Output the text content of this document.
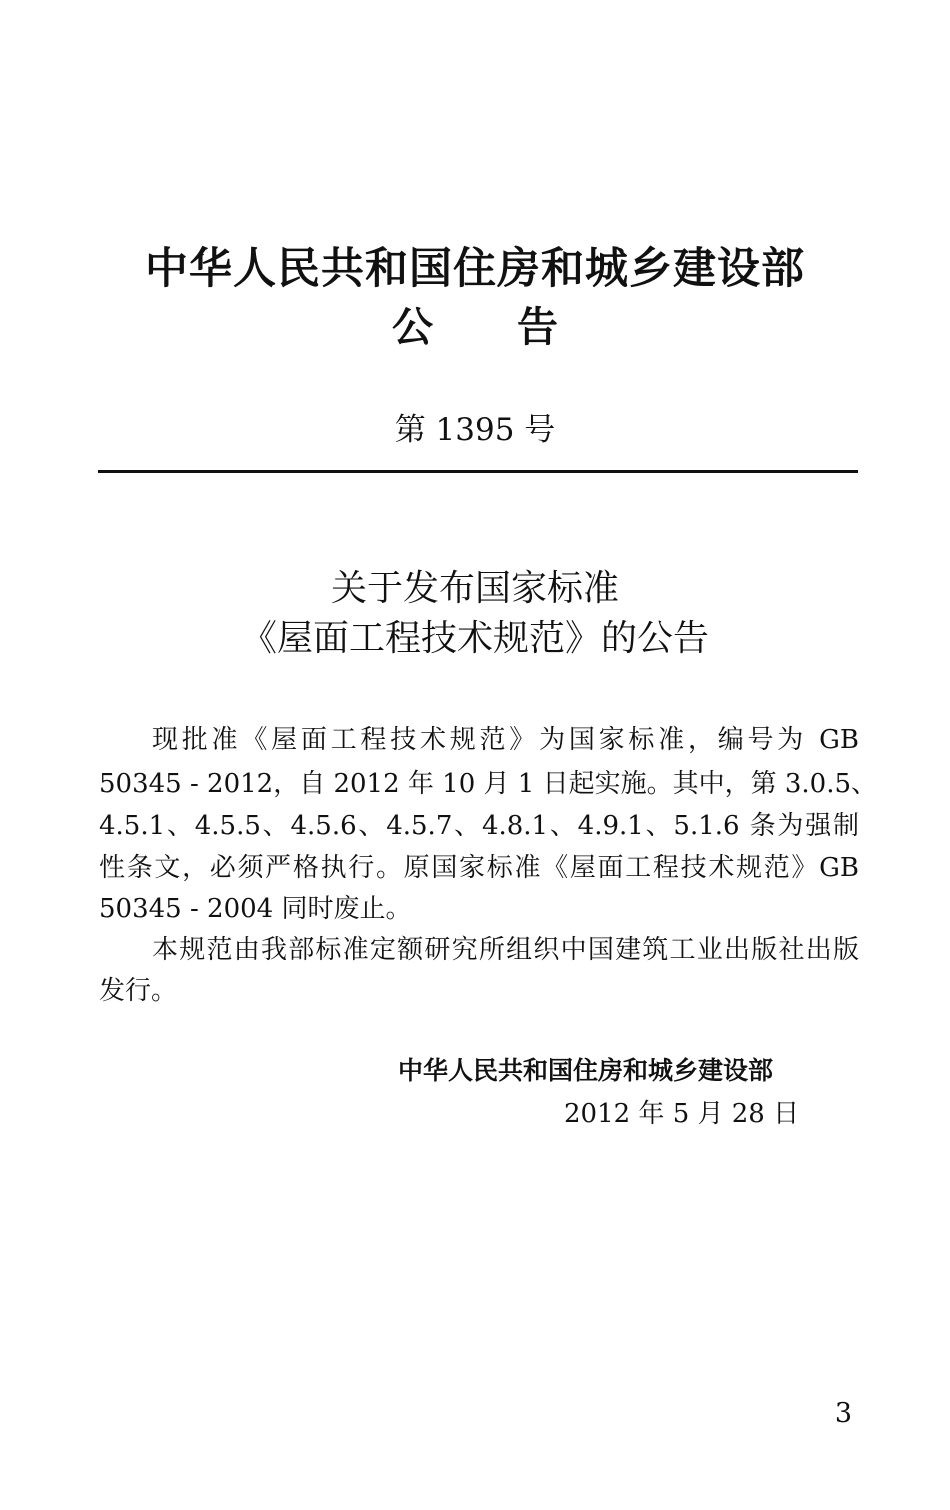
中华人民共和国住房和城乡建设部
公告
第 1395 号
关于发布国家标准
《屋面工程技术规范》的公告
现批准《屋面工程技术规范》为国家标准，编号为 GB
50345 - 2012，自 2012 年 10 月 1 日起实施。其中，第 3.0.5、
4.5.1、4.5.5、4.5.6、4.5.7、4.8.1、4.9.1、5.1.6 条为强制
性条文，必须严格执行。原国家标准《屋面工程技术规范》GB
50345 - 2004 同时废止。
本规范由我部标准定额研究所组织中国建筑工业出版社出版
发行。
中华人民共和国住房和城乡建设部
2012 年 5 月 28 日
3
